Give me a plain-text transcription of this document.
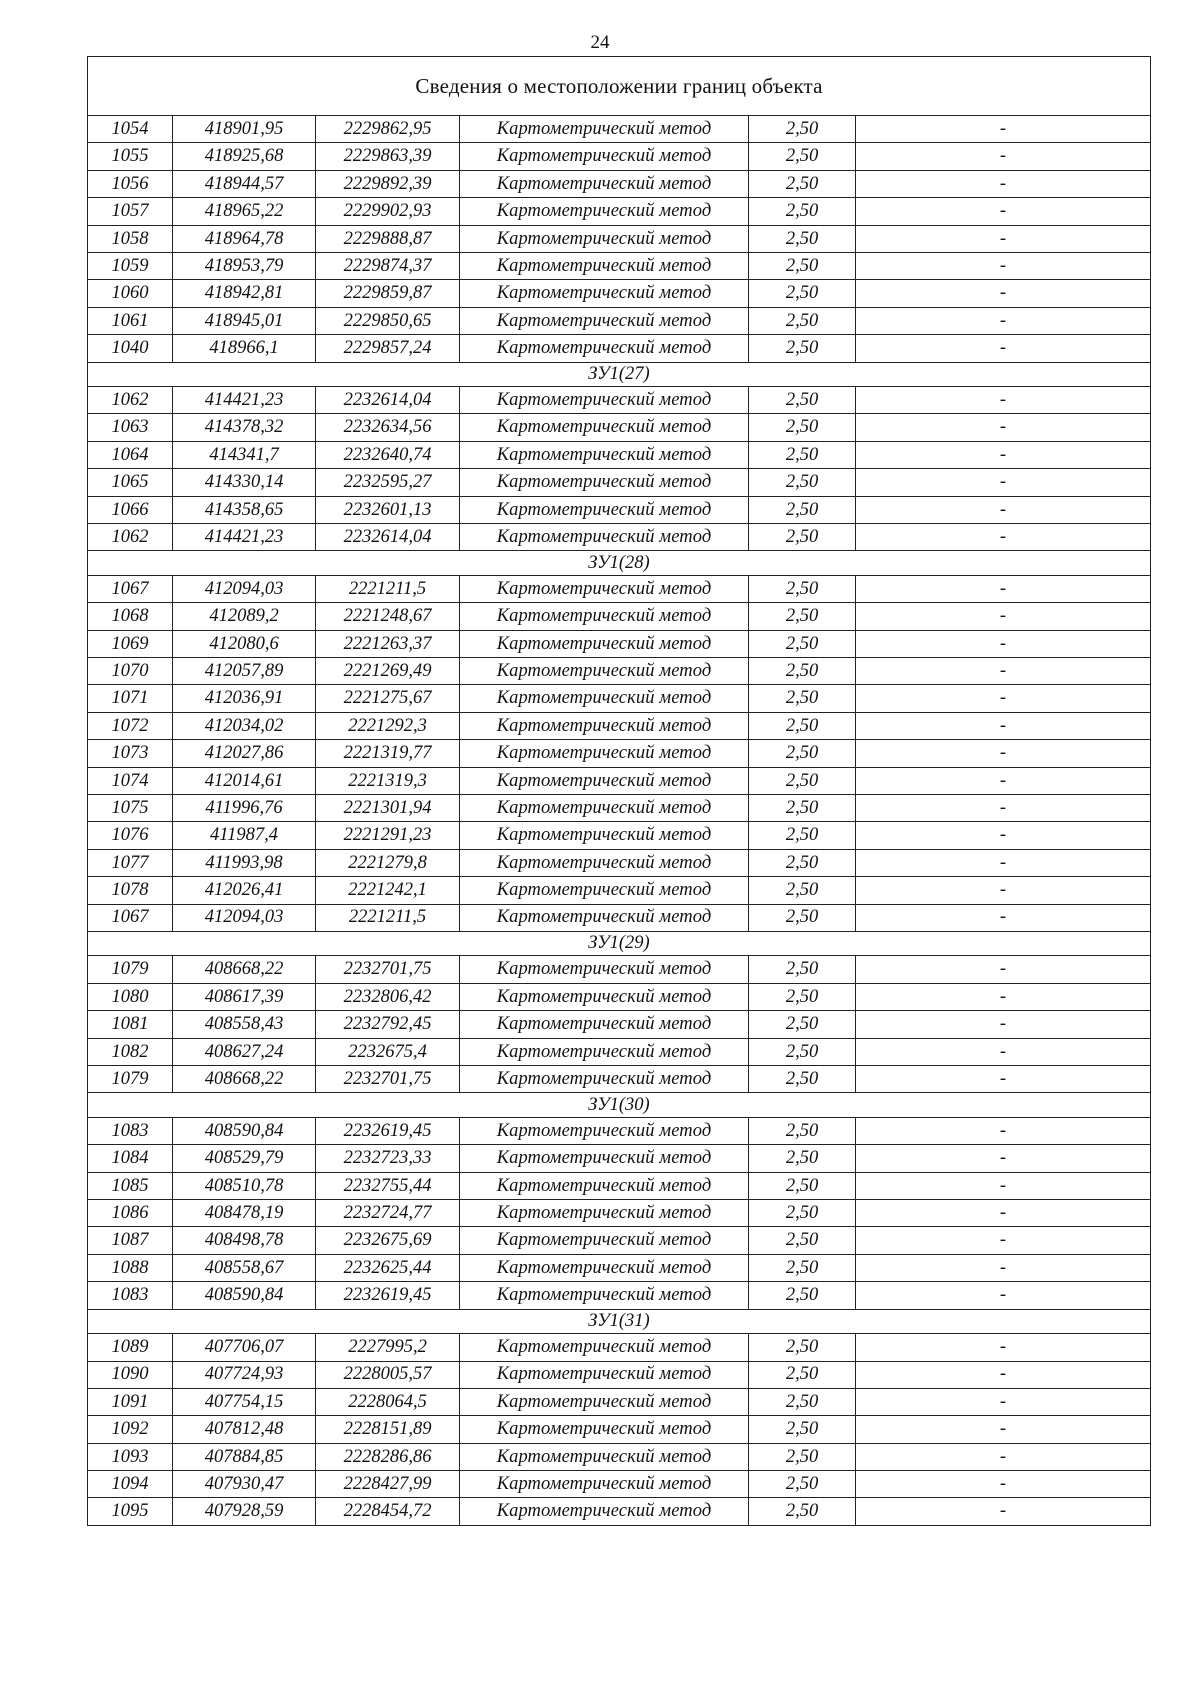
24
Сведения о местоположении границ объекта					
1054	418901,95	2229862,95	Картометрический метод	2,50	-
1055	418925,68	2229863,39	Картометрический метод	2,50	-
1056	418944,57	2229892,39	Картометрический метод	2,50	-
1057	418965,22	2229902,93	Картометрический метод	2,50	-
1058	418964,78	2229888,87	Картометрический метод	2,50	-
1059	418953,79	2229874,37	Картометрический метод	2,50	-
1060	418942,81	2229859,87	Картометрический метод	2,50	-
1061	418945,01	2229850,65	Картометрический метод	2,50	-
1040	418966,1	2229857,24	Картометрический метод	2,50	-
ЗУ1(27)					
1062	414421,23	2232614,04	Картометрический метод	2,50	-
1063	414378,32	2232634,56	Картометрический метод	2,50	-
1064	414341,7	2232640,74	Картометрический метод	2,50	-
1065	414330,14	2232595,27	Картометрический метод	2,50	-
1066	414358,65	2232601,13	Картометрический метод	2,50	-
1062	414421,23	2232614,04	Картометрический метод	2,50	-
ЗУ1(28)					
1067	412094,03	2221211,5	Картометрический метод	2,50	-
1068	412089,2	2221248,67	Картометрический метод	2,50	-
1069	412080,6	2221263,37	Картометрический метод	2,50	-
1070	412057,89	2221269,49	Картометрический метод	2,50	-
1071	412036,91	2221275,67	Картометрический метод	2,50	-
1072	412034,02	2221292,3	Картометрический метод	2,50	-
1073	412027,86	2221319,77	Картометрический метод	2,50	-
1074	412014,61	2221319,3	Картометрический метод	2,50	-
1075	411996,76	2221301,94	Картометрический метод	2,50	-
1076	411987,4	2221291,23	Картометрический метод	2,50	-
1077	411993,98	2221279,8	Картометрический метод	2,50	-
1078	412026,41	2221242,1	Картометрический метод	2,50	-
1067	412094,03	2221211,5	Картометрический метод	2,50	-
ЗУ1(29)					
1079	408668,22	2232701,75	Картометрический метод	2,50	-
1080	408617,39	2232806,42	Картометрический метод	2,50	-
1081	408558,43	2232792,45	Картометрический метод	2,50	-
1082	408627,24	2232675,4	Картометрический метод	2,50	-
1079	408668,22	2232701,75	Картометрический метод	2,50	-
ЗУ1(30)					
1083	408590,84	2232619,45	Картометрический метод	2,50	-
1084	408529,79	2232723,33	Картометрический метод	2,50	-
1085	408510,78	2232755,44	Картометрический метод	2,50	-
1086	408478,19	2232724,77	Картометрический метод	2,50	-
1087	408498,78	2232675,69	Картометрический метод	2,50	-
1088	408558,67	2232625,44	Картометрический метод	2,50	-
1083	408590,84	2232619,45	Картометрический метод	2,50	-
ЗУ1(31)					
1089	407706,07	2227995,2	Картометрический метод	2,50	-
1090	407724,93	2228005,57	Картометрический метод	2,50	-
1091	407754,15	2228064,5	Картометрический метод	2,50	-
1092	407812,48	2228151,89	Картометрический метод	2,50	-
1093	407884,85	2228286,86	Картометрический метод	2,50	-
1094	407930,47	2228427,99	Картометрический метод	2,50	-
1095	407928,59	2228454,72	Картометрический метод	2,50	-
